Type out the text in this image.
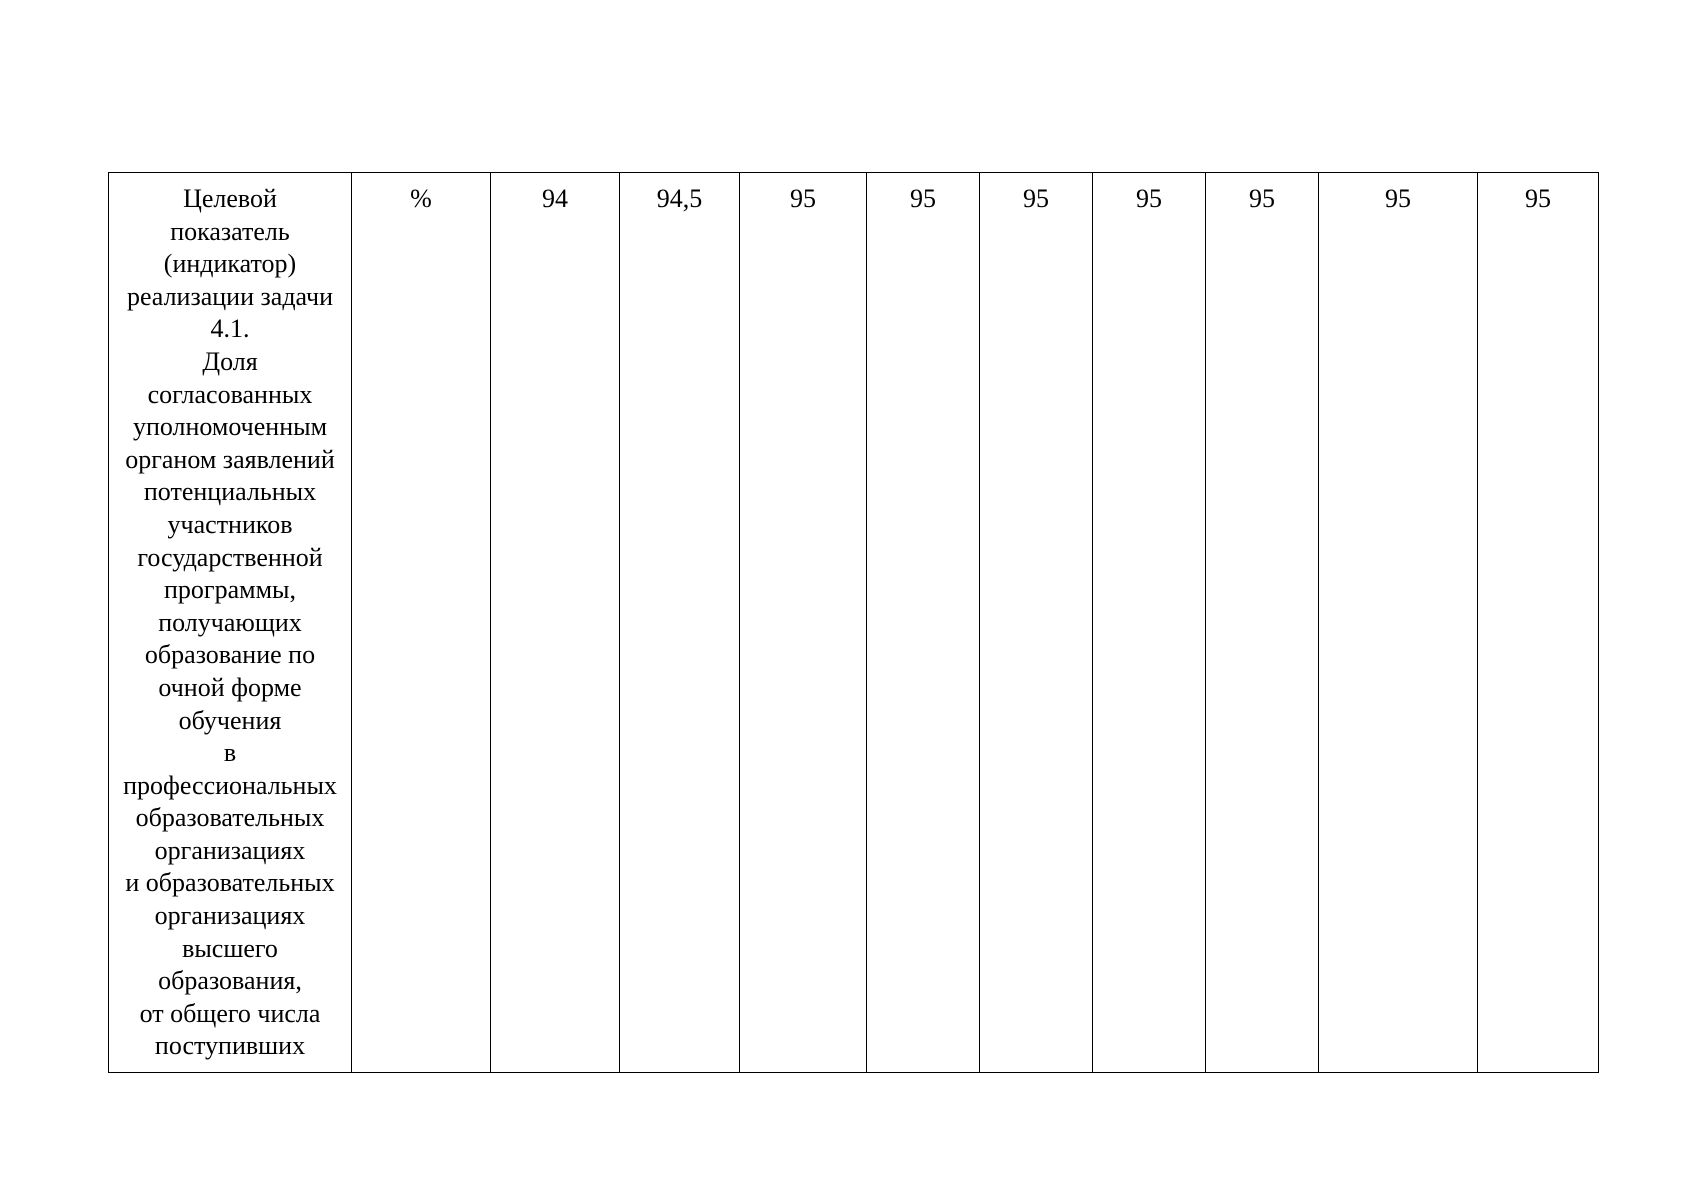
Целевой
показатель
(индикатор)
реализации задачи
4.1.
Доля
согласованных
уполномоченным
органом заявлений
потенциальных
участников
государственной
программы,
получающих
образование по
очной форме
обучения
в
профессиональных
образовательных
организациях
и образовательных
организациях
высшего
образования,
от общего числа
поступивших
	%	94	94,5	95	95	95	95	95	95	95
